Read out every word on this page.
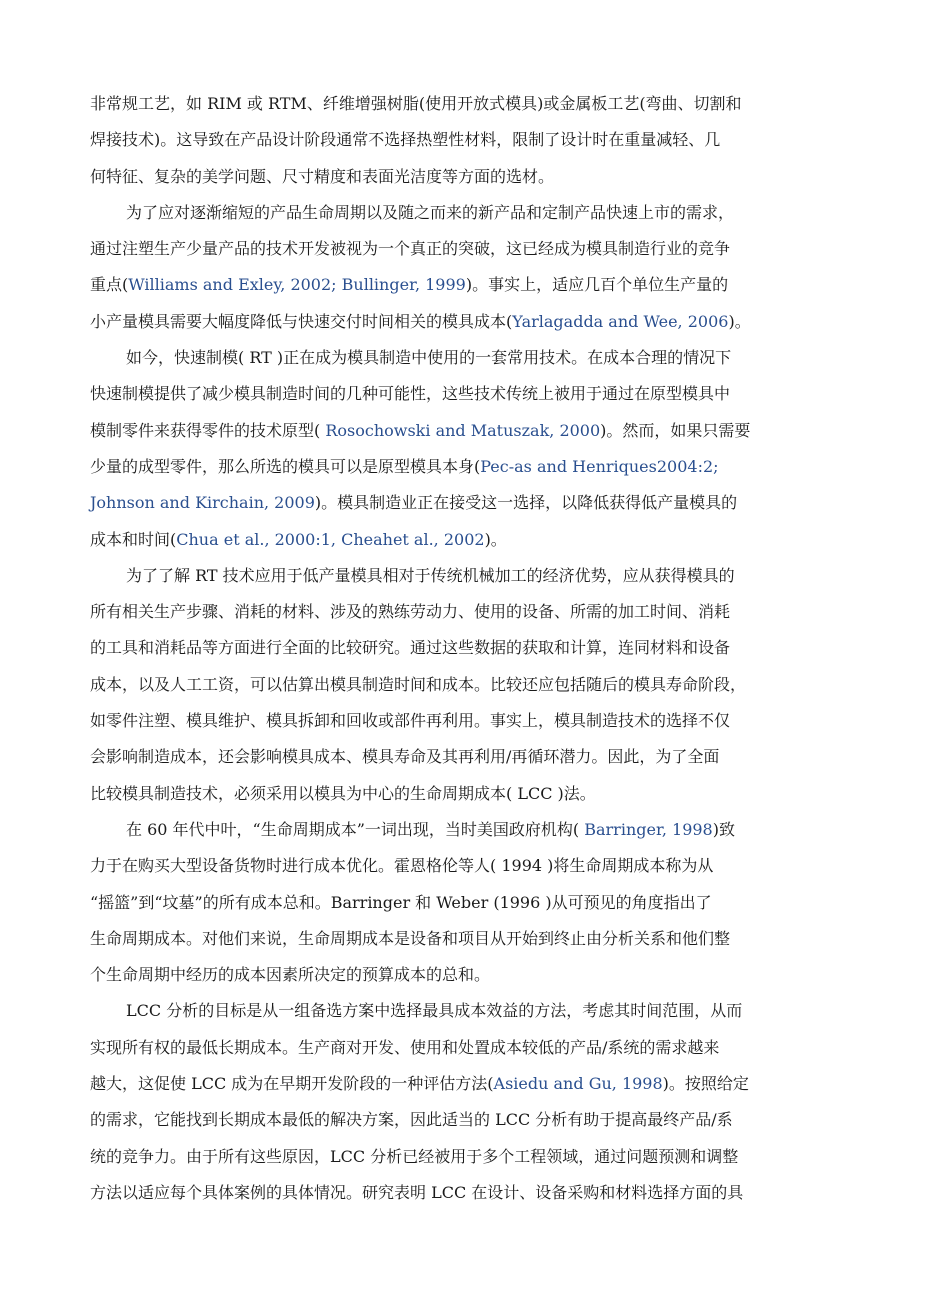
非常规工艺，如 RIM 或 RTM、纤维增强树脂(使用开放式模具)或金属板工艺(弯曲、切割和
焊接技术)。这导致在产品设计阶段通常不选择热塑性材料，限制了设计时在重量减轻、几
何特征、复杂的美学问题、尺寸精度和表面光洁度等方面的选材。
为了应对逐渐缩短的产品生命周期以及随之而来的新产品和定制产品快速上市的需求，
通过注塑生产少量产品的技术开发被视为一个真正的突破，这已经成为模具制造行业的竞争
重点(Williams and Exley, 2002; Bullinger, 1999)。事实上，适应几百个单位生产量的
小产量模具需要大幅度降低与快速交付时间相关的模具成本(Yarlagadda and Wee, 2006)。
如今，快速制模( RT )正在成为模具制造中使用的一套常用技术。在成本合理的情况下
快速制模提供了减少模具制造时间的几种可能性，这些技术传统上被用于通过在原型模具中
模制零件来获得零件的技术原型( Rosochowski and Matuszak, 2000)。然而，如果只需要
少量的成型零件，那么所选的模具可以是原型模具本身(Pec-as and Henriques2004:2;
Johnson and Kirchain, 2009)。模具制造业正在接受这一选择，以降低获得低产量模具的
成本和时间(Chua et al., 2000:1, Cheahet al., 2002)。
为了了解 RT 技术应用于低产量模具相对于传统机械加工的经济优势，应从获得模具的
所有相关生产步骤、消耗的材料、涉及的熟练劳动力、使用的设备、所需的加工时间、消耗
的工具和消耗品等方面进行全面的比较研究。通过这些数据的获取和计算，连同材料和设备
成本，以及人工工资，可以估算出模具制造时间和成本。比较还应包括随后的模具寿命阶段，
如零件注塑、模具维护、模具拆卸和回收或部件再利用。事实上，模具制造技术的选择不仅
会影响制造成本，还会影响模具成本、模具寿命及其再利用/再循环潜力。因此，为了全面
比较模具制造技术，必须采用以模具为中心的生命周期成本( LCC )法。
在 60 年代中叶，“生命周期成本”一词出现，当时美国政府机构( Barringer, 1998)致
力于在购买大型设备货物时进行成本优化。霍恩格伦等人( 1994 )将生命周期成本称为从
“摇篮”到“坟墓”的所有成本总和。Barringer 和 Weber (1996 )从可预见的角度指出了
生命周期成本。对他们来说，生命周期成本是设备和项目从开始到终止由分析关系和他们整
个生命周期中经历的成本因素所决定的预算成本的总和。
LCC 分析的目标是从一组备选方案中选择最具成本效益的方法，考虑其时间范围，从而
实现所有权的最低长期成本。生产商对开发、使用和处置成本较低的产品/系统的需求越来
越大，这促使 LCC 成为在早期开发阶段的一种评估方法(Asiedu and Gu, 1998)。按照给定
的需求，它能找到长期成本最低的解决方案，因此适当的 LCC 分析有助于提高最终产品/系
统的竞争力。由于所有这些原因，LCC 分析已经被用于多个工程领域，通过问题预测和调整
方法以适应每个具体案例的具体情况。研究表明 LCC 在设计、设备采购和材料选择方面的具
